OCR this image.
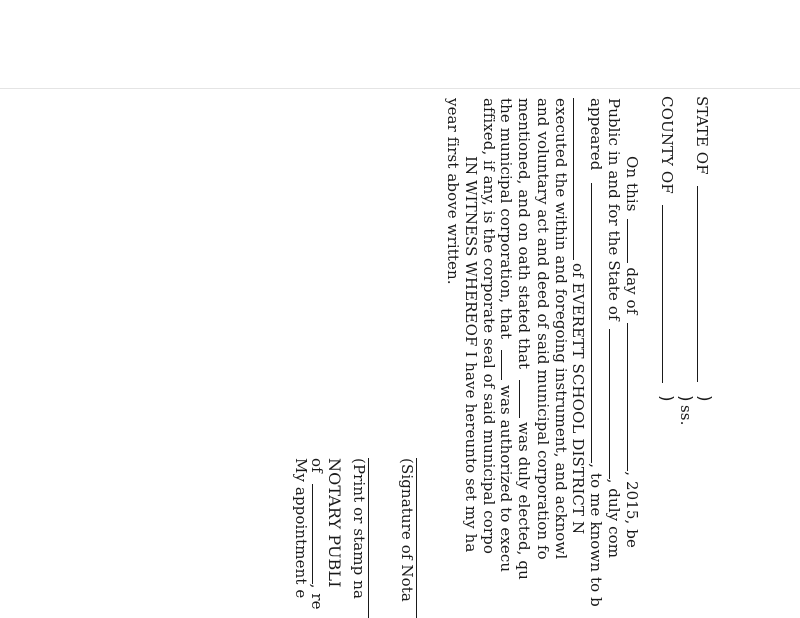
STATE OF
COUNTY OF
)
)
)
ss.
On this  day of , 2015, be
Public in and for the State of , duly com
appeared , to me known to b
of EVERETT SCHOOL DISTRICT N
executed the within and foregoing instrument, and acknowl
and voluntary act and deed of said municipal corporation fo
mentioned, and on oath stated that was duly elected, qu
the municipal corporation, that was authorized to execu
affixed, if any, is the corporate seal of said municipal corpo
IN WITNESS WHEREOF I have hereunto set my ha
year first above written.
(Signature of Nota
(Print or stamp na
NOTARY PUBLI
of , re
My appointment e
